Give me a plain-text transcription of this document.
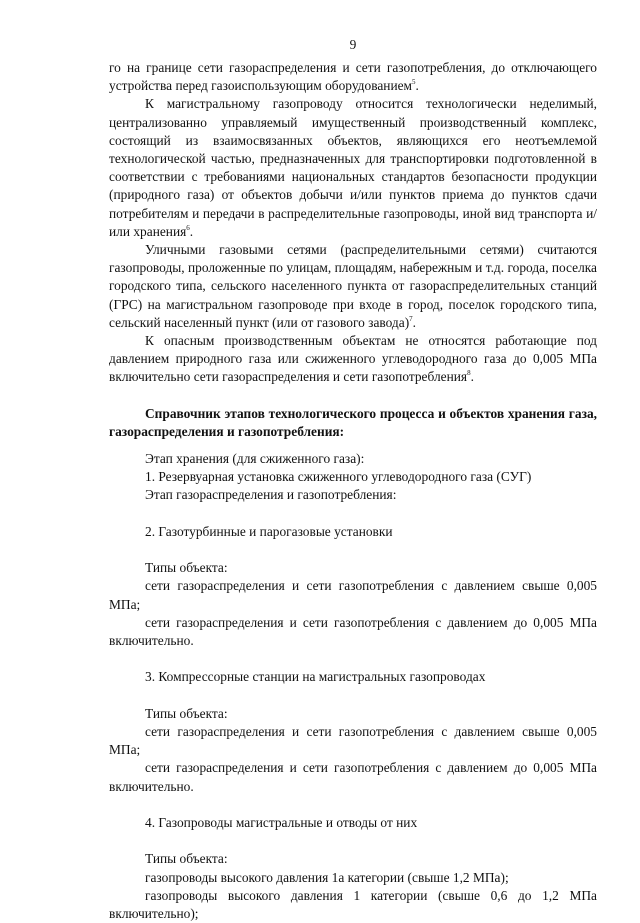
9

го на границе сети газораспределения и сети газопотребления, до отключающего устройства перед газоиспользующим оборудованием$^5$.

К магистральному газопроводу относится технологически неделимый, централизованно управляемый имущественный производственный комплекс, состоящий из взаимосвязанных объектов, являющихся его неотъемлемой технологической частью, предназначенных для транспортировки подготовленной в соответствии с требованиями национальных стандартов безопасности продукции (природного газа) от объектов добычи и/или пунктов приема до пунктов сдачи потребителям и передачи в распределительные газопроводы, иной вид транспорта и/или хранения$^6$.

Уличными газовыми сетями (распределительными сетями) считаются газопроводы, проложенные по улицам, площадям, набережным и т.д. города, поселка городского типа, сельского населенного пункта от газораспределительных станций (ГРС) на магистральном газопроводе при входе в город, поселок городского типа, сельский населенный пункт (или от газового завода)$^7$.

К опасным производственным объектам не относятся работающие под давлением природного газа или сжиженного углеводородного газа до 0,005 МПа включительно сети газораспределения и сети газопотребления$^8$.

Справочник этапов технологического процесса и объектов хранения газа, газораспределения и газопотребления:

Этап хранения (для сжиженного газа):

1. Резервуарная установка сжиженного углеводородного газа (СУГ)

Этап газораспределения и газопотребления:

2. Газотурбинные и парогазовые установки

Типы объекта:

сети газораспределения и сети газопотребления с давлением свыше 0,005 МПа;

сети газораспределения и сети газопотребления с давлением до 0,005 МПа включительно.

3. Компрессорные станции на магистральных газопроводах

Типы объекта:

сети газораспределения и сети газопотребления с давлением свыше 0,005 МПа;

сети газораспределения и сети газопотребления с давлением до 0,005 МПа включительно.

4. Газопроводы магистральные и отводы от них

Типы объекта:

газопроводы высокого давления 1а категории (свыше 1,2 МПа);

газопроводы высокого давления 1 категории (свыше 0,6 до 1,2 МПа включительно);
